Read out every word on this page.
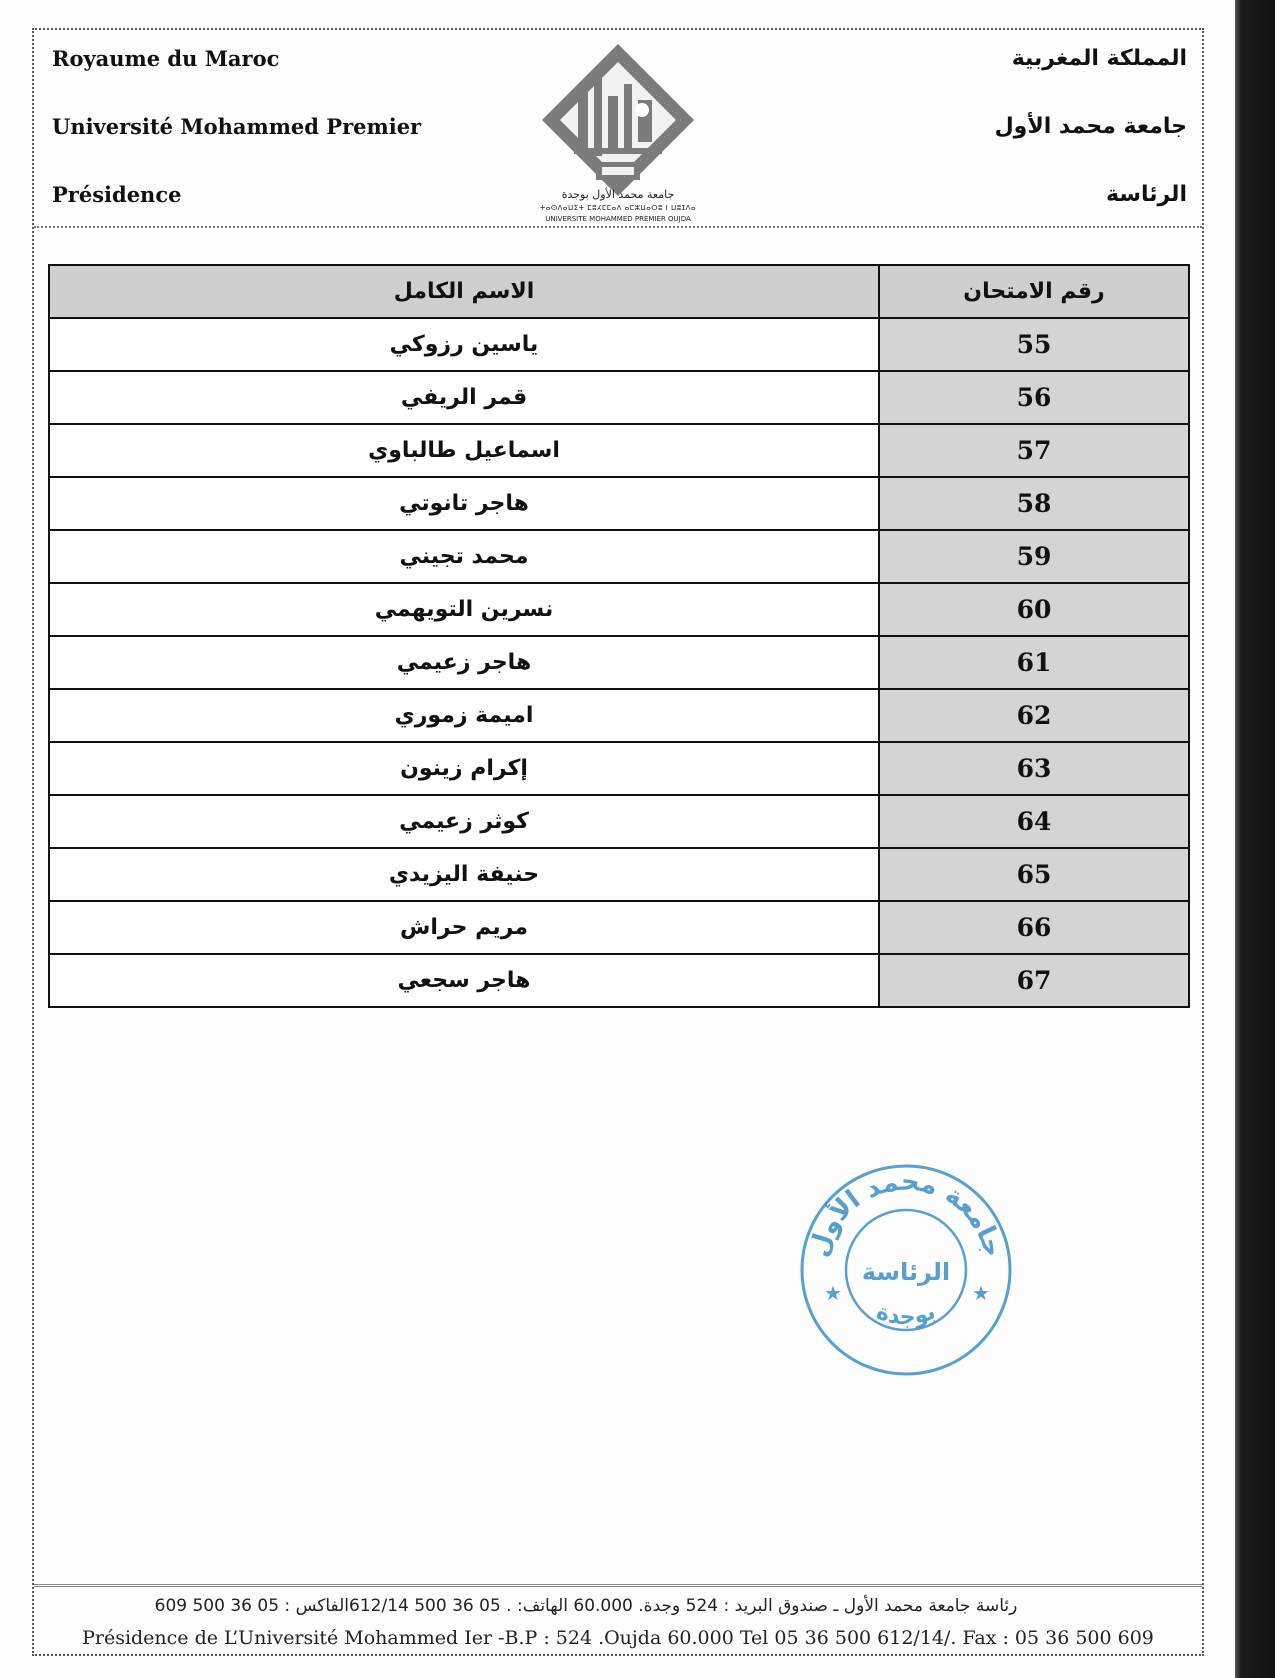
Royaume du Maroc
Université Mohammed Premier
Présidence
المملكة المغربية
جامعة محمد الأول
الرئاسة
جامعة محمد الأول بوجدة
ⵜⴰⵙⴷⴰⵡⵉⵜ ⵎⵓⵃⵎⵎⴰⴷ ⴰⵎⵣⵡⴰⵔⵓ ⵏ ⵡⵓⵊⴷⴰ
UNIVERSITE MOHAMMED PREMIER OUJDA
رقم الامتحان	الاسم الكامل
55	ياسين رزوكي
56	قمر الريفي
57	اسماعيل طالباوي
58	هاجر تانوتي
59	محمد تجيني
60	نسرين التويهمي
61	هاجر زعيمي
62	اميمة زموري
63	إكرام زينون
64	كوثر زعيمي
65	حنيفة اليزيدي
66	مريم حراش
67	هاجر سجعي
جامعة محمد الأول
الرئاسة
بوجدة
★	★
رئاسة جامعة محمد الأول ـ صندوق البريد : 524 وجدة. 60.000 الهاتف: . 05 36 500 612/14الفاكس : 05 36 500 609
Présidence de L’Université Mohammed Ier -B.P : 524 .Oujda 60.000 Tel 05 36 500 612/14/. Fax : 05 36 500 609
